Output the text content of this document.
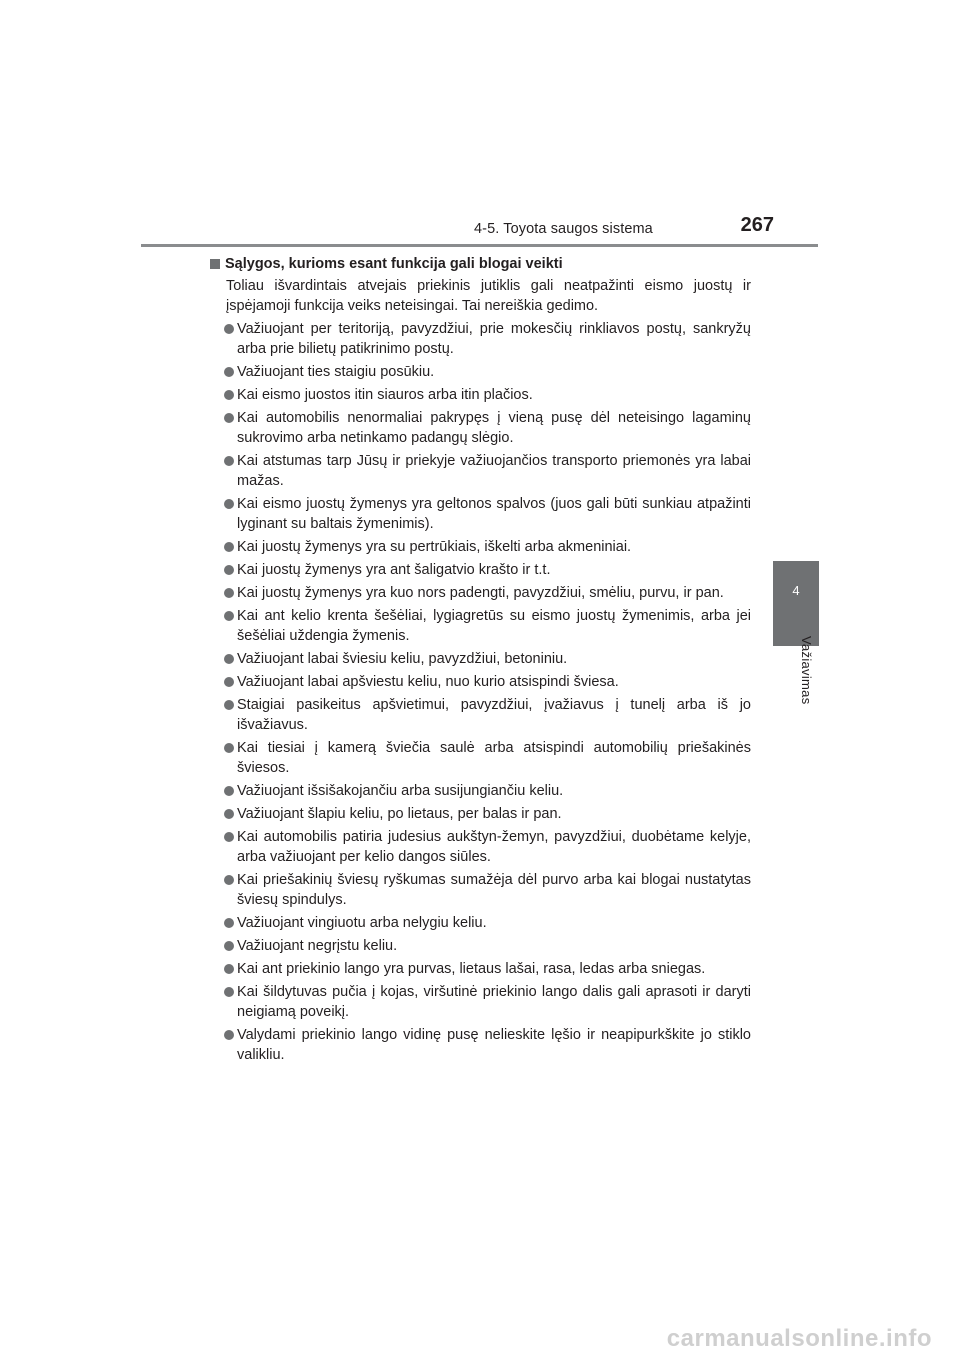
4-5. Toyota saugos sistema	267
4
Važiavimas
Sąlygos, kurioms esant funkcija gali blogai veikti

Toliau išvardintais atvejais priekinis jutiklis gali neatpažinti eismo juostų ir įspėjamoji funkcija veiks neteisingai. Tai nereiškia gedimo.

Važiuojant per teritoriją, pavyzdžiui, prie mokesčių rinkliavos postų, sankryžų arba prie bilietų patikrinimo postų.
Važiuojant ties staigiu posūkiu.
Kai eismo juostos itin siauros arba itin plačios.
Kai automobilis nenormaliai pakrypęs į vieną pusę dėl neteisingo lagaminų sukrovimo arba netinkamo padangų slėgio.
Kai atstumas tarp Jūsų ir priekyje važiuojančios transporto priemonės yra labai mažas.
Kai eismo juostų žymenys yra geltonos spalvos (juos gali būti sunkiau atpažinti lyginant su baltais žymenimis).
Kai juostų žymenys yra su pertrūkiais, iškelti arba akmeniniai.
Kai juostų žymenys yra ant šaligatvio krašto ir t.t.
Kai juostų žymenys yra kuo nors padengti, pavyzdžiui, smėliu, purvu, ir pan.
Kai ant kelio krenta šešėliai, lygiagretūs su eismo juostų žymenimis, arba jei šešėliai uždengia žymenis.
Važiuojant labai šviesiu keliu, pavyzdžiui, betoniniu.
Važiuojant labai apšviestu keliu, nuo kurio atsispindi šviesa.
Staigiai pasikeitus apšvietimui, pavyzdžiui, įvažiavus į tunelį arba iš jo išvažiavus.
Kai tiesiai į kamerą šviečia saulė arba atsispindi automobilių priešakinės šviesos.
Važiuojant išsišakojančiu arba susijungiančiu keliu.
Važiuojant šlapiu keliu, po lietaus, per balas ir pan.
Kai automobilis patiria judesius aukštyn-žemyn, pavyzdžiui, duobėtame kelyje, arba važiuojant per kelio dangos siūles.
Kai priešakinių šviesų ryškumas sumažėja dėl purvo arba kai blogai nustatytas šviesų spindulys.
Važiuojant vingiuotu arba nelygiu keliu.
Važiuojant negrįstu keliu.
Kai ant priekinio lango yra purvas, lietaus lašai, rasa, ledas arba sniegas.
Kai šildytuvas pučia į kojas, viršutinė priekinio lango dalis gali aprasoti ir daryti neigiamą poveikį.
Valydami priekinio lango vidinę pusę nelieskite lęšio ir neapipurkškite jo stiklo valikliu.
carmanualsonline.info
